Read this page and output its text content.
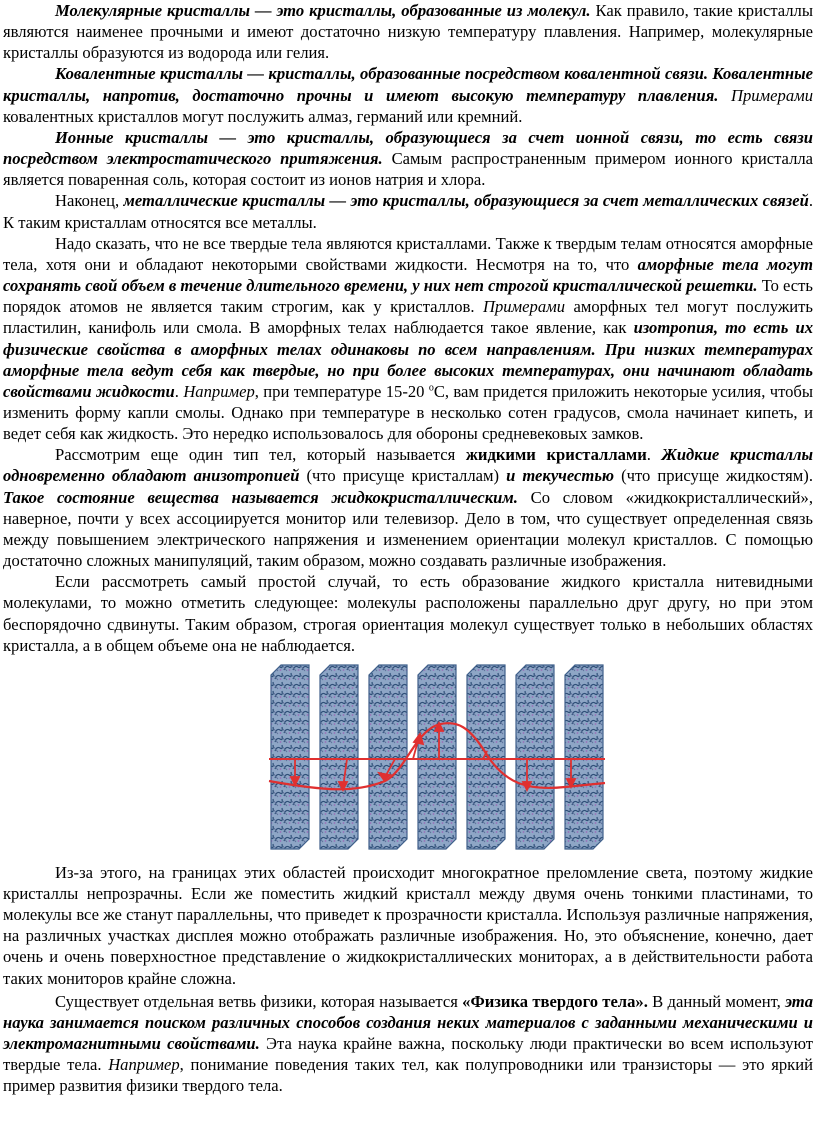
Молекулярные кристаллы — это кристаллы, образованные из молекул. Как правило, такие кристаллы являются наименее прочными и имеют достаточно низкую температуру плавления. Например, молекулярные кристаллы образуются из водорода или гелия.

Ковалентные кристаллы — кристаллы, образованные посредством ковалентной связи. Ковалентные кристаллы, напротив, достаточно прочны и имеют высокую температуру плавления. Примерами ковалентных кристаллов могут послужить алмаз, германий или кремний.

Ионные кристаллы — это кристаллы, образующиеся за счет ионной связи, то есть связи посредством электростатического притяжения. Самым распространенным примером ионного кристалла является поваренная соль, которая состоит из ионов натрия и хлора.

Наконец, металлические кристаллы — это кристаллы, образующиеся за счет металлических связей. К таким кристаллам относятся все металлы.

Надо сказать, что не все твердые тела являются кристаллами. Также к твердым телам относятся аморфные тела, хотя они и обладают некоторыми свойствами жидкости. Несмотря на то, что аморфные тела могут сохранять свой объем в течение длительного времени, у них нет строгой кристаллической решетки. То есть порядок атомов не является таким строгим, как у кристаллов. Примерами аморфных тел могут послужить пластилин, канифоль или смола. В аморфных телах наблюдается такое явление, как изотропия, то есть их физические свойства в аморфных телах одинаковы по всем направлениям. При низких температурах аморфные тела ведут себя как твердые, но при более высоких температурах, они начинают обладать свойствами жидкости. Например, при температуре 15-20 $^о$С, вам придется приложить некоторые усилия, чтобы изменить форму капли смолы. Однако при температуре в несколько сотен градусов, смола начинает кипеть, и ведет себя как жидкость. Это нередко использовалось для обороны средневековых замков.

Рассмотрим еще один тип тел, который называется жидкими кристаллами. Жидкие кристаллы одновременно обладают анизотропией (что присуще кристаллам) и текучестью (что присуще жидкостям). Такое состояние вещества называется жидкокристаллическим. Со словом «жидкокристаллический», наверное, почти у всех ассоциируется монитор или телевизор. Дело в том, что существует определенная связь между повышением электрического напряжения и изменением ориентации молекул кристаллов. С помощью достаточно сложных манипуляций, таким образом, можно создавать различные изображения.

Если рассмотреть самый простой случай, то есть образование жидкого кристалла нитевидными молекулами, то можно отметить следующее: молекулы расположены параллельно друг другу, но при этом беспорядочно сдвинуты. Таким образом, строгая ориентация молекул существует только в небольших областях кристалла, а в общем объеме она не наблюдается.

Из-за этого, на границах этих областей происходит многократное преломление света, поэтому жидкие кристаллы непрозрачны. Если же поместить жидкий кристалл между двумя очень тонкими пластинами, то молекулы все же станут параллельны, что приведет к прозрачности кристалла. Используя различные напряжения, на различных участках дисплея можно отображать различные изображения. Но, это объяснение, конечно, дает очень и очень поверхностное представление о жидкокристаллических мониторах, а в действительности работа таких мониторов крайне сложна.

Существует отдельная ветвь физики, которая называется «Физика твердого тела». В данный момент, эта наука занимается поиском различных способов создания неких материалов с заданными механическими и электромагнитными свойствами. Эта наука крайне важна, поскольку люди практически во всем используют твердые тела. Например, понимание поведения таких тел, как полупроводники или транзисторы — это яркий пример развития физики твердого тела.
